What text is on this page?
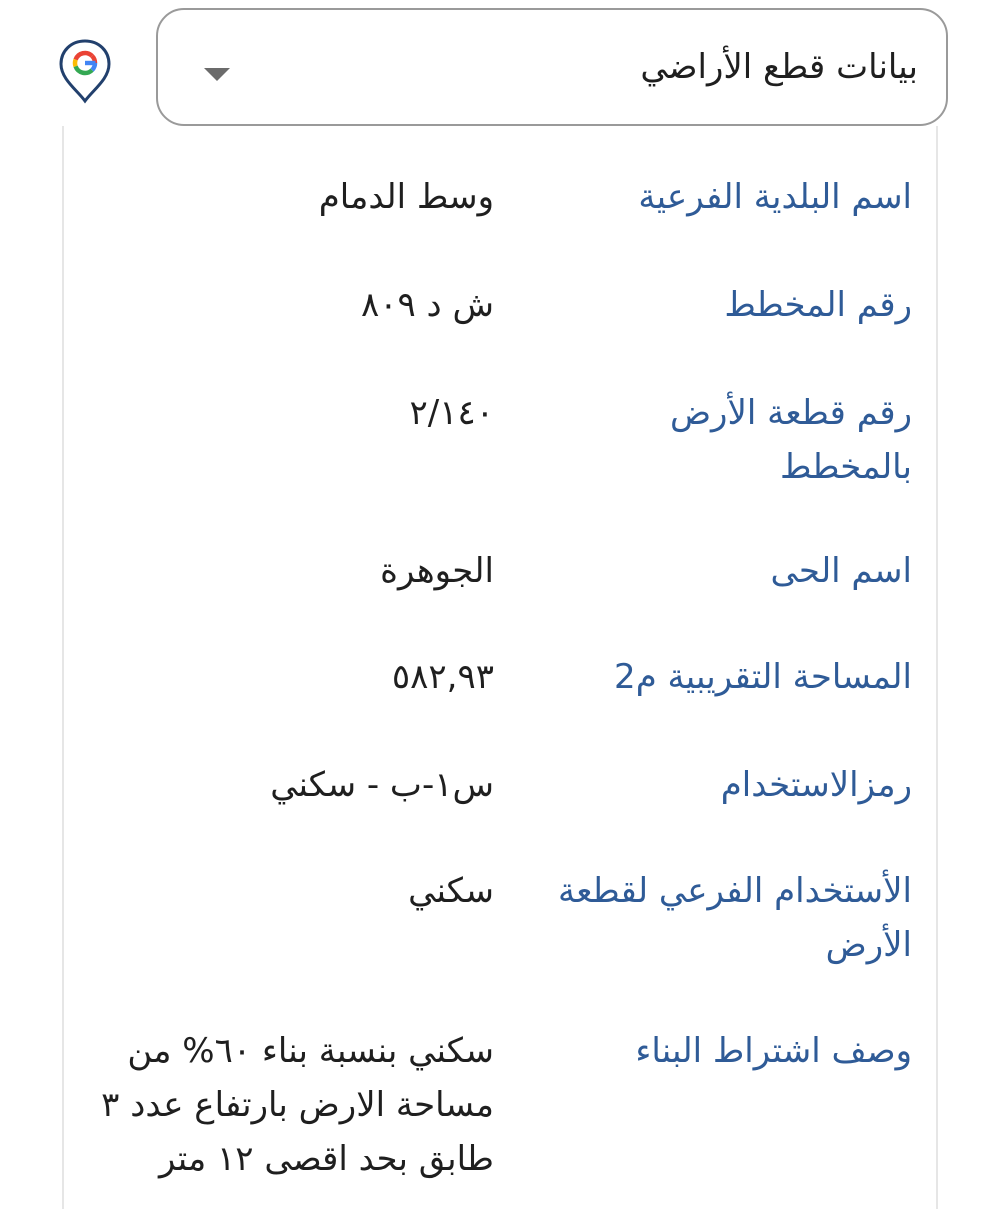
بيانات قطع الأراضي
اسم البلدية الفرعية
وسط الدمام
رقم المخطط
ش د ٨٠٩
رقم قطعة الأرض بالمخطط
٢/١٤٠
اسم الحى
الجوهرة
المساحة التقريبية م2
٥٨٢,٩٣
رمزالاستخدام
س١-ب - سكني
الأستخدام الفرعي لقطعة الأرض
سكني
وصف اشتراط البناء
سكني بنسبة بناء ٦٠% من مساحة الارض بارتفاع عدد ٣ طابق بحد اقصى ١٢ متر
